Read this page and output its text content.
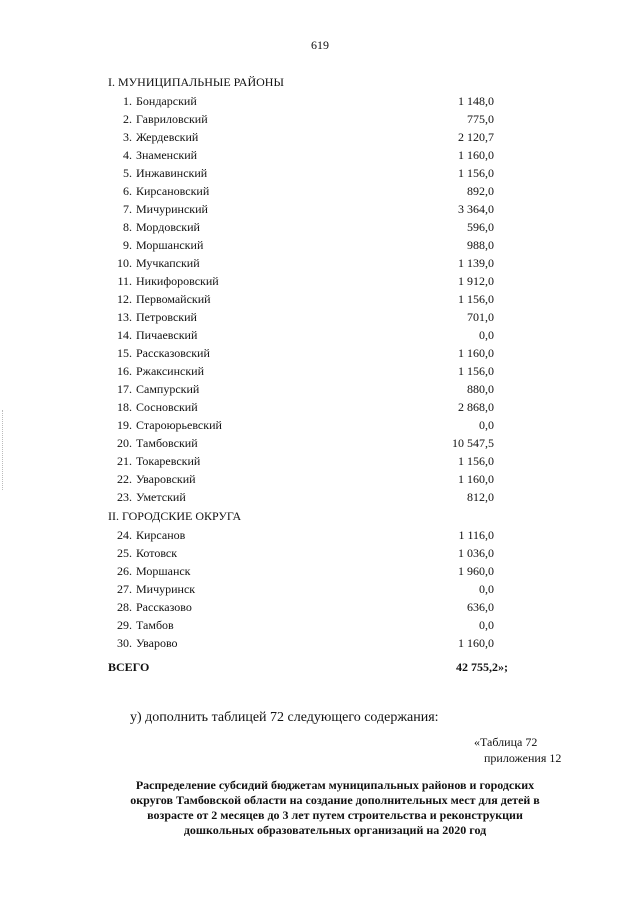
619
I. МУНИЦИПАЛЬНЫЕ РАЙОНЫ
1. Бондарский	1 148,0
2. Гавриловский	775,0
3. Жердевский	2 120,7
4. Знаменский	1 160,0
5. Инжавинский	1 156,0
6. Кирсановский	892,0
7. Мичуринский	3 364,0
8. Мордовский	596,0
9. Моршанский	988,0
10. Мучкапский	1 139,0
11. Никифоровский	1 912,0
12. Первомайский	1 156,0
13. Петровский	701,0
14. Пичаевский	0,0
15. Рассказовский	1 160,0
16. Ржаксинский	1 156,0
17. Сампурский	880,0
18. Сосновский	2 868,0
19. Староюрьевский	0,0
20. Тамбовский	10 547,5
21. Токаревский	1 156,0
22. Уваровский	1 160,0
23. Уметский	812,0
II. ГОРОДСКИЕ ОКРУГА
24. Кирсанов	1 116,0
25. Котовск	1 036,0
26. Моршанск	1 960,0
27. Мичуринск	0,0
28. Рассказово	636,0
29. Тамбов	0,0
30. Уварово	1 160,0
ВСЕГО	42 755,2»;
у) дополнить таблицей 72 следующего содержания:
«Таблица 72
приложения 12
Распределение субсидий бюджетам муниципальных районов и городских
округов Тамбовской области на создание дополнительных мест для детей в
возрасте от 2 месяцев до 3 лет путем строительства и реконструкции
дошкольных образовательных организаций на 2020 год
